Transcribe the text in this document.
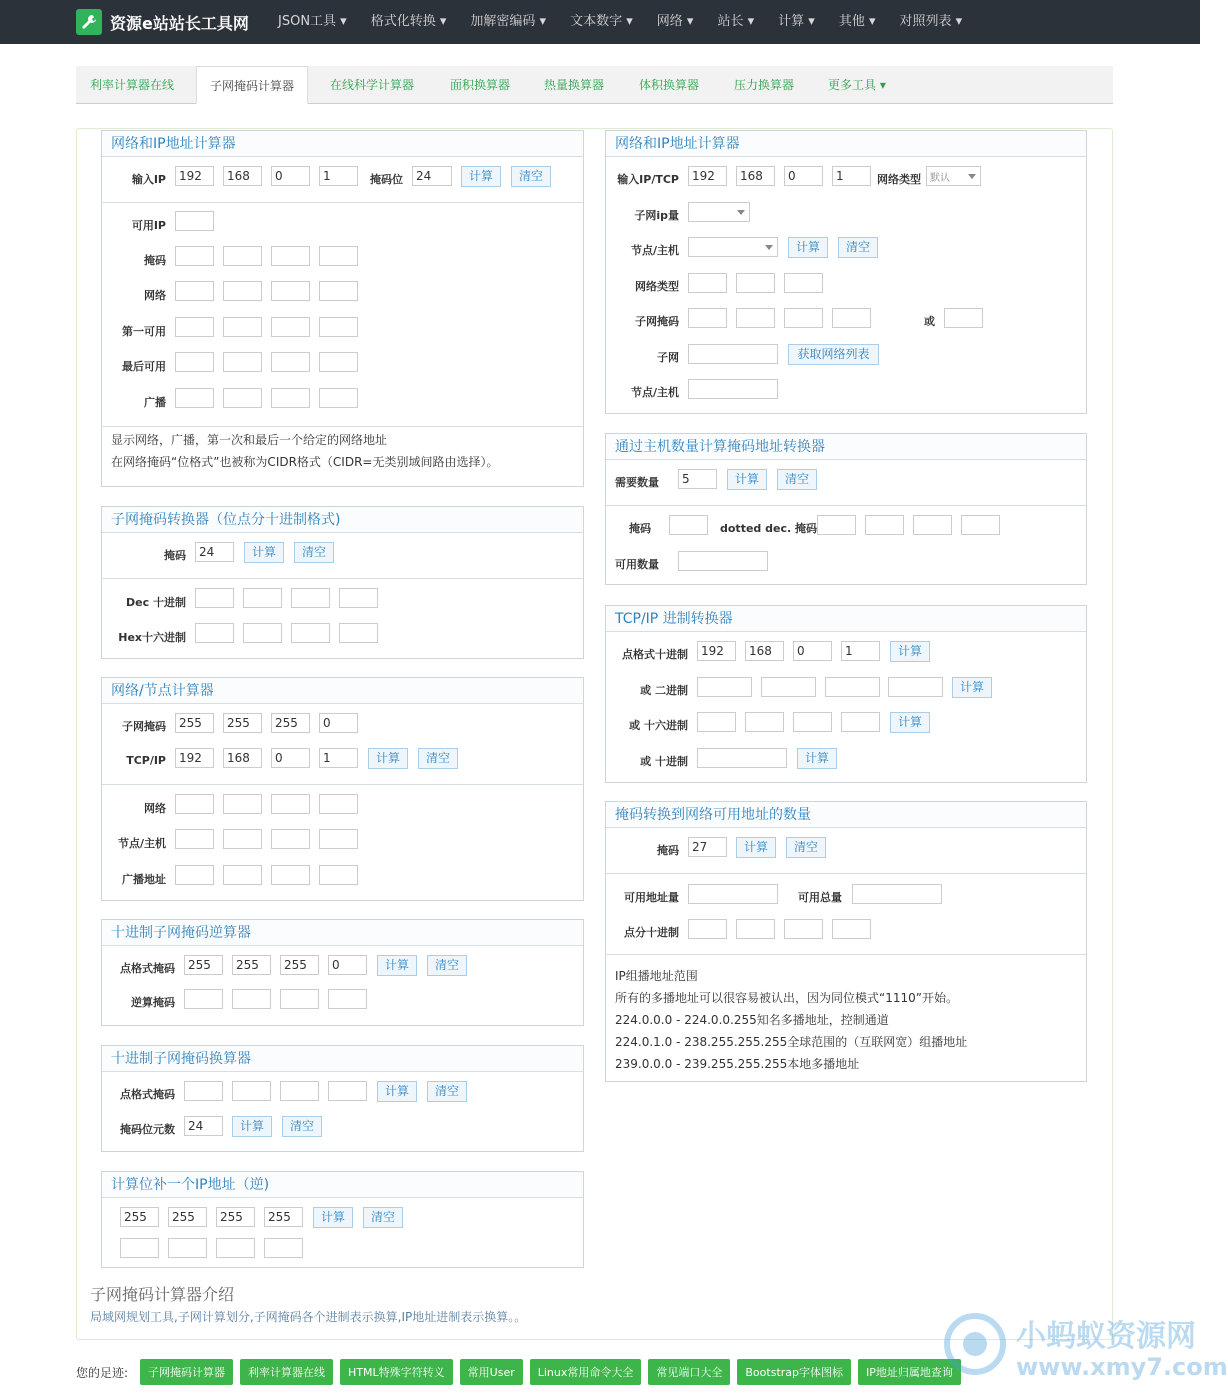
资源e站站长工具网	JSON工具 ▾	格式化转换 ▾	加解密编码 ▾	文本数字 ▾	网络 ▾	站长 ▾	计算 ▾	其他 ▾	对照列表 ▾
利率计算器在线	子网掩码计算器	在线科学计算器	面积换算器	热量换算器	体积换算器	压力换算器	更多工具 ▾
网络和IP地址计算器
输入IP	192	168	0	1	掩码位	24	计算	清空
可用IP
掩码
网络
第一可用
最后可用
广播
显示网络，广播，第一次和最后一个给定的网络地址
在网络掩码“位格式”也被称为CIDR格式（CIDR=无类别域间路由选择）。
子网掩码转换器（位点分十进制格式)
掩码	24	计算	清空
Dec 十进制
Hex十六进制
网络/节点计算器
子网掩码	255	255	255	0
TCP/IP	192	168	0	1	计算	清空
网络
节点/主机
广播地址
十进制子网掩码逆算器
点格式掩码	255	255	255	0	计算	清空
逆算掩码
十进制子网掩码换算器
点格式掩码	计算	清空
掩码位元数	24	计算	清空
计算位补一个IP地址（逆)
255	255	255	255	计算	清空
网络和IP地址计算器
输入IP/TCP	192	168	0	1	网络类型 默认
子网ip量
节点/主机	计算	清空
网络类型
子网掩码	或
子网	获取网络列表
节点/主机
通过主机数量计算掩码地址转换器
需要数量	5	计算	清空
掩码	dotted dec. 掩码
可用数量
TCP/IP 进制转换器
点格式十进制	192	168	0	1	计算
或 二进制	计算
或 十六进制	计算
或 十进制	计算
掩码转换到网络可用地址的数量
掩码	27	计算	清空
可用地址量	可用总量
点分十进制
IP组播地址范围
所有的多播地址可以很容易被认出，因为同位模式“1110”开始。
224.0.0.0 - 224.0.0.255知名多播地址，控制通道
224.0.1.0 - 238.255.255.255全球范围的（互联网宽）组播地址
239.0.0.0 - 239.255.255.255本地多播地址
子网掩码计算器介绍
局域网规划工具,子网计算划分,子网掩码各个进制表示换算,IP地址进制表示换算。。
您的足迹:	子网掩码计算器	利率计算器在线	HTML特殊字符转义	常用User	Linux常用命令大全	常见端口大全	Bootstrap字体图标	IP地址归属地查询
小蚂蚁资源网
www.xmy7.com
